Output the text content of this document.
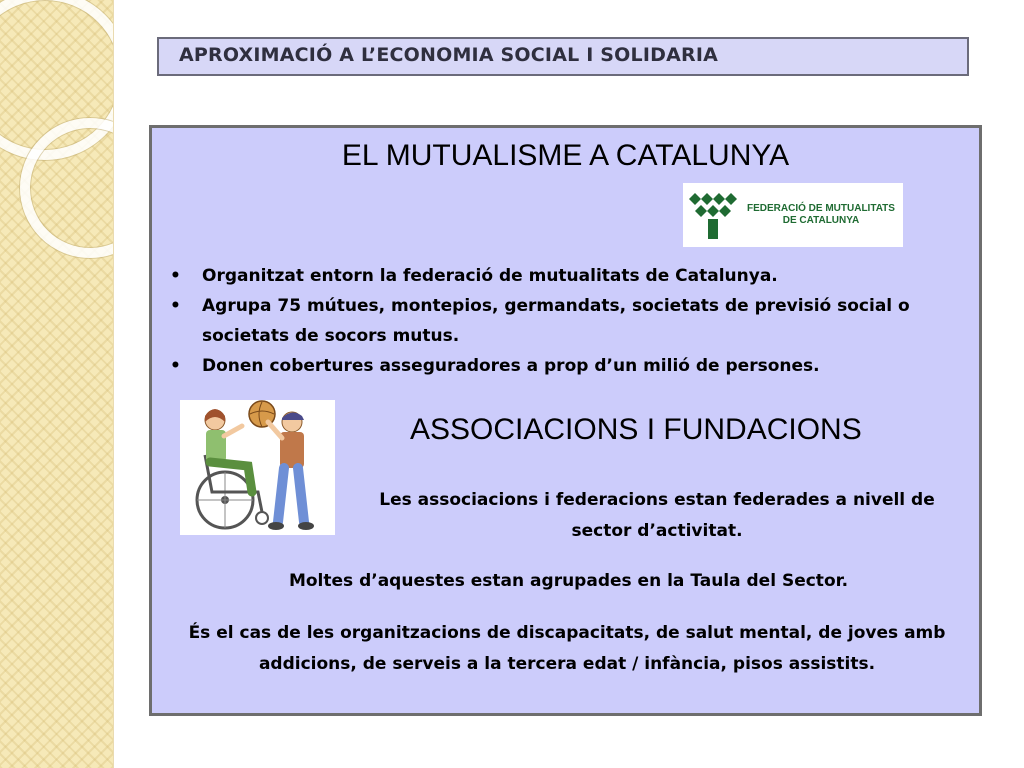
APROXIMACIÓ A L’ECONOMIA SOCIAL I SOLIDARIA
EL MUTUALISME A CATALUNYA
FEDERACIÓ DE MUTUALITATS
DE CATALUNYA
• Organitzat entorn la federació de mutualitats de Catalunya.
• Agrupa 75 mútues, montepios, germandats, societats de previsió social o societats de socors mutus.
• Donen cobertures asseguradores a prop d’un milió de persones.
ASSOCIACIONS I FUNDACIONS
Les associacions i federacions estan federades a nivell de sector d’activitat.
Moltes d’aquestes estan agrupades en la Taula del Sector.
És el cas de les organitzacions de discapacitats, de salut mental, de joves amb addicions, de serveis a la tercera edat / infància, pisos assistits.
